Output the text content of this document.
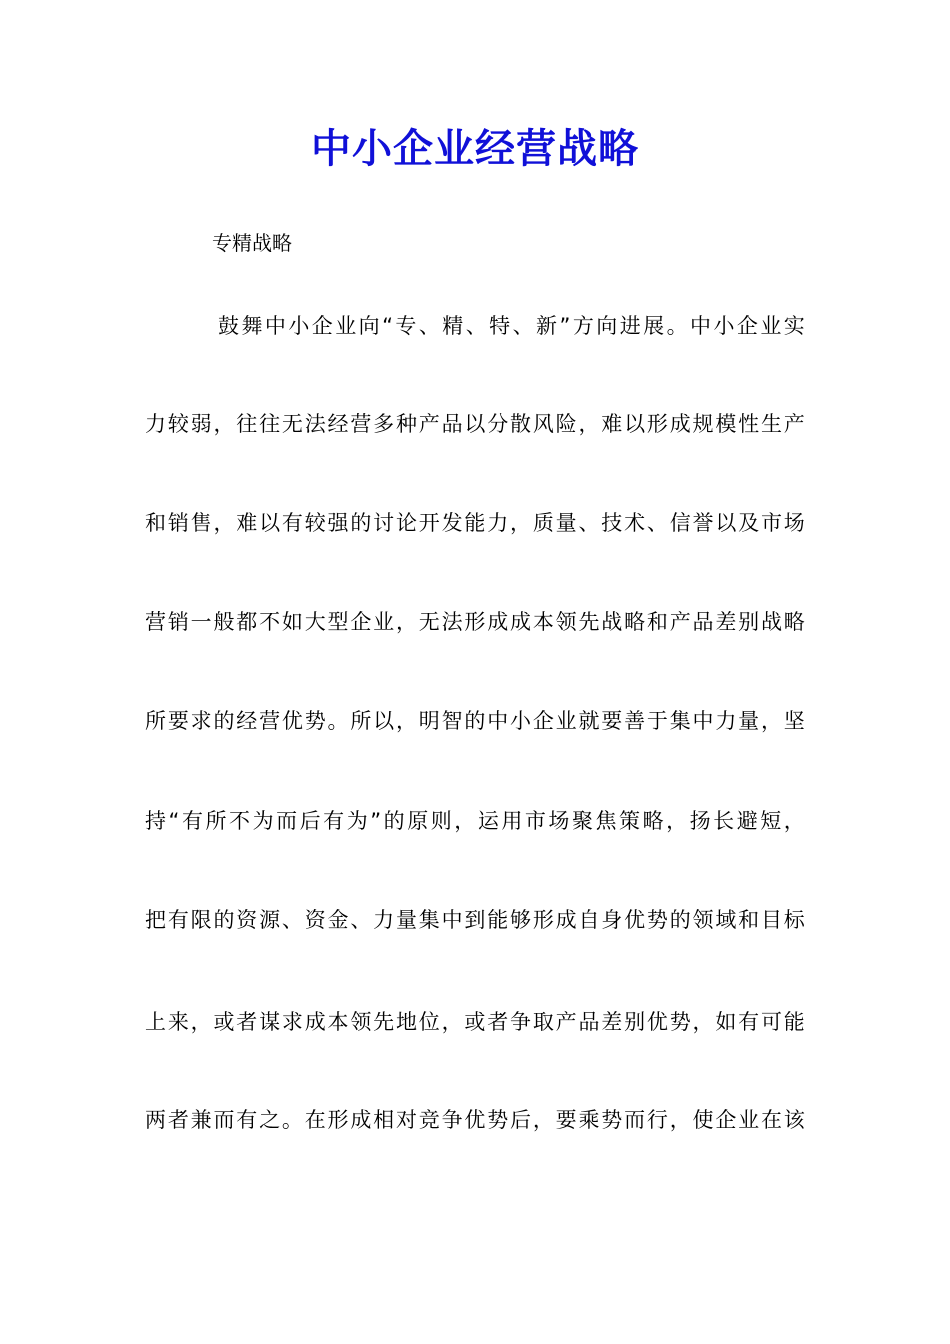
中小企业经营战略
专精战略
鼓舞中小企业向“专、精、特、新”方向进展。中小企业实
力较弱，往往无法经营多种产品以分散风险，难以形成规模性生产
和销售，难以有较强的讨论开发能力，质量、技术、信誉以及市场
营销一般都不如大型企业，无法形成成本领先战略和产品差别战略
所要求的经营优势。所以，明智的中小企业就要善于集中力量，坚
持“有所不为而后有为”的原则，运用市场聚焦策略，扬长避短，
把有限的资源、资金、力量集中到能够形成自身优势的领域和目标
上来，或者谋求成本领先地位，或者争取产品差别优势，如有可能
两者兼而有之。在形成相对竞争优势后，要乘势而行，使企业在该
